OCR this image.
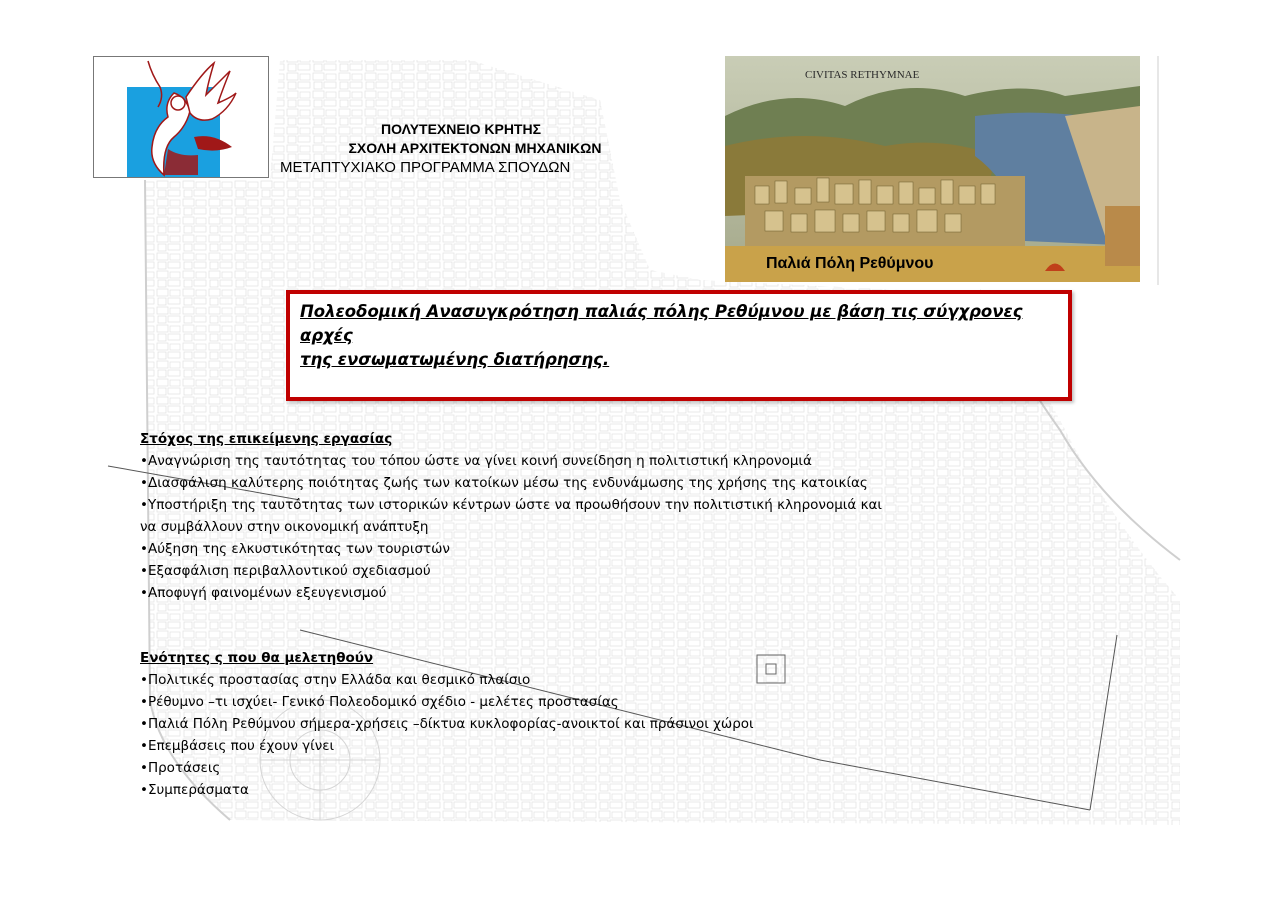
ΠΟΛΥΤΕΧΝΕΙΟ ΚΡΗΤΗΣ
ΣΧΟΛΗ ΑΡΧΙΤΕΚΤΟΝΩΝ ΜΗΧΑΝΙΚΩΝ
ΜΕΤΑΠΤΥΧΙΑΚΟ ΠΡΟΓΡΑΜΜΑ ΣΠΟΥΔΩΝ
CIVITAS RETHYMNAE
Παλιά Πόλη Ρεθύμνου
Πολεοδομική Ανασυγκρότηση παλιάς πόλης Ρεθύμνου με βάση τις σύγχρονες αρχές
της ενσωματωμένης διατήρησης.
Στόχος της επικείμενης εργασίας
•Αναγνώριση της ταυτότητας του τόπου ώστε να γίνει κοινή συνείδηση η πολιτιστική κληρονομιά
•Διασφάλιση καλύτερης ποιότητας ζωής των κατοίκων μέσω της ενδυνάμωσης της χρήσης της κατοικίας
•Υποστήριξη της ταυτότητας των ιστορικών κέντρων ώστε να προωθήσουν την πολιτιστική κληρονομιά και
να συμβάλλουν στην οικονομική ανάπτυξη
•Αύξηση της ελκυστικότητας των τουριστών
•Εξασφάλιση περιβαλλοντικού σχεδιασμού
•Αποφυγή φαινομένων εξευγενισμού
Ενότητες ς που θα μελετηθούν
•Πολιτικές προστασίας στην Ελλάδα και θεσμικό πλαίσιο
•Ρέθυμνο –τι ισχύει- Γενικό Πολεοδομικό σχέδιο - μελέτες προστασίας
•Παλιά Πόλη Ρεθύμνου σήμερα-χρήσεις –δίκτυα κυκλοφορίας-ανοικτοί και πράσινοι χώροι
•Επεμβάσεις που έχουν γίνει
•Προτάσεις
•Συμπεράσματα
